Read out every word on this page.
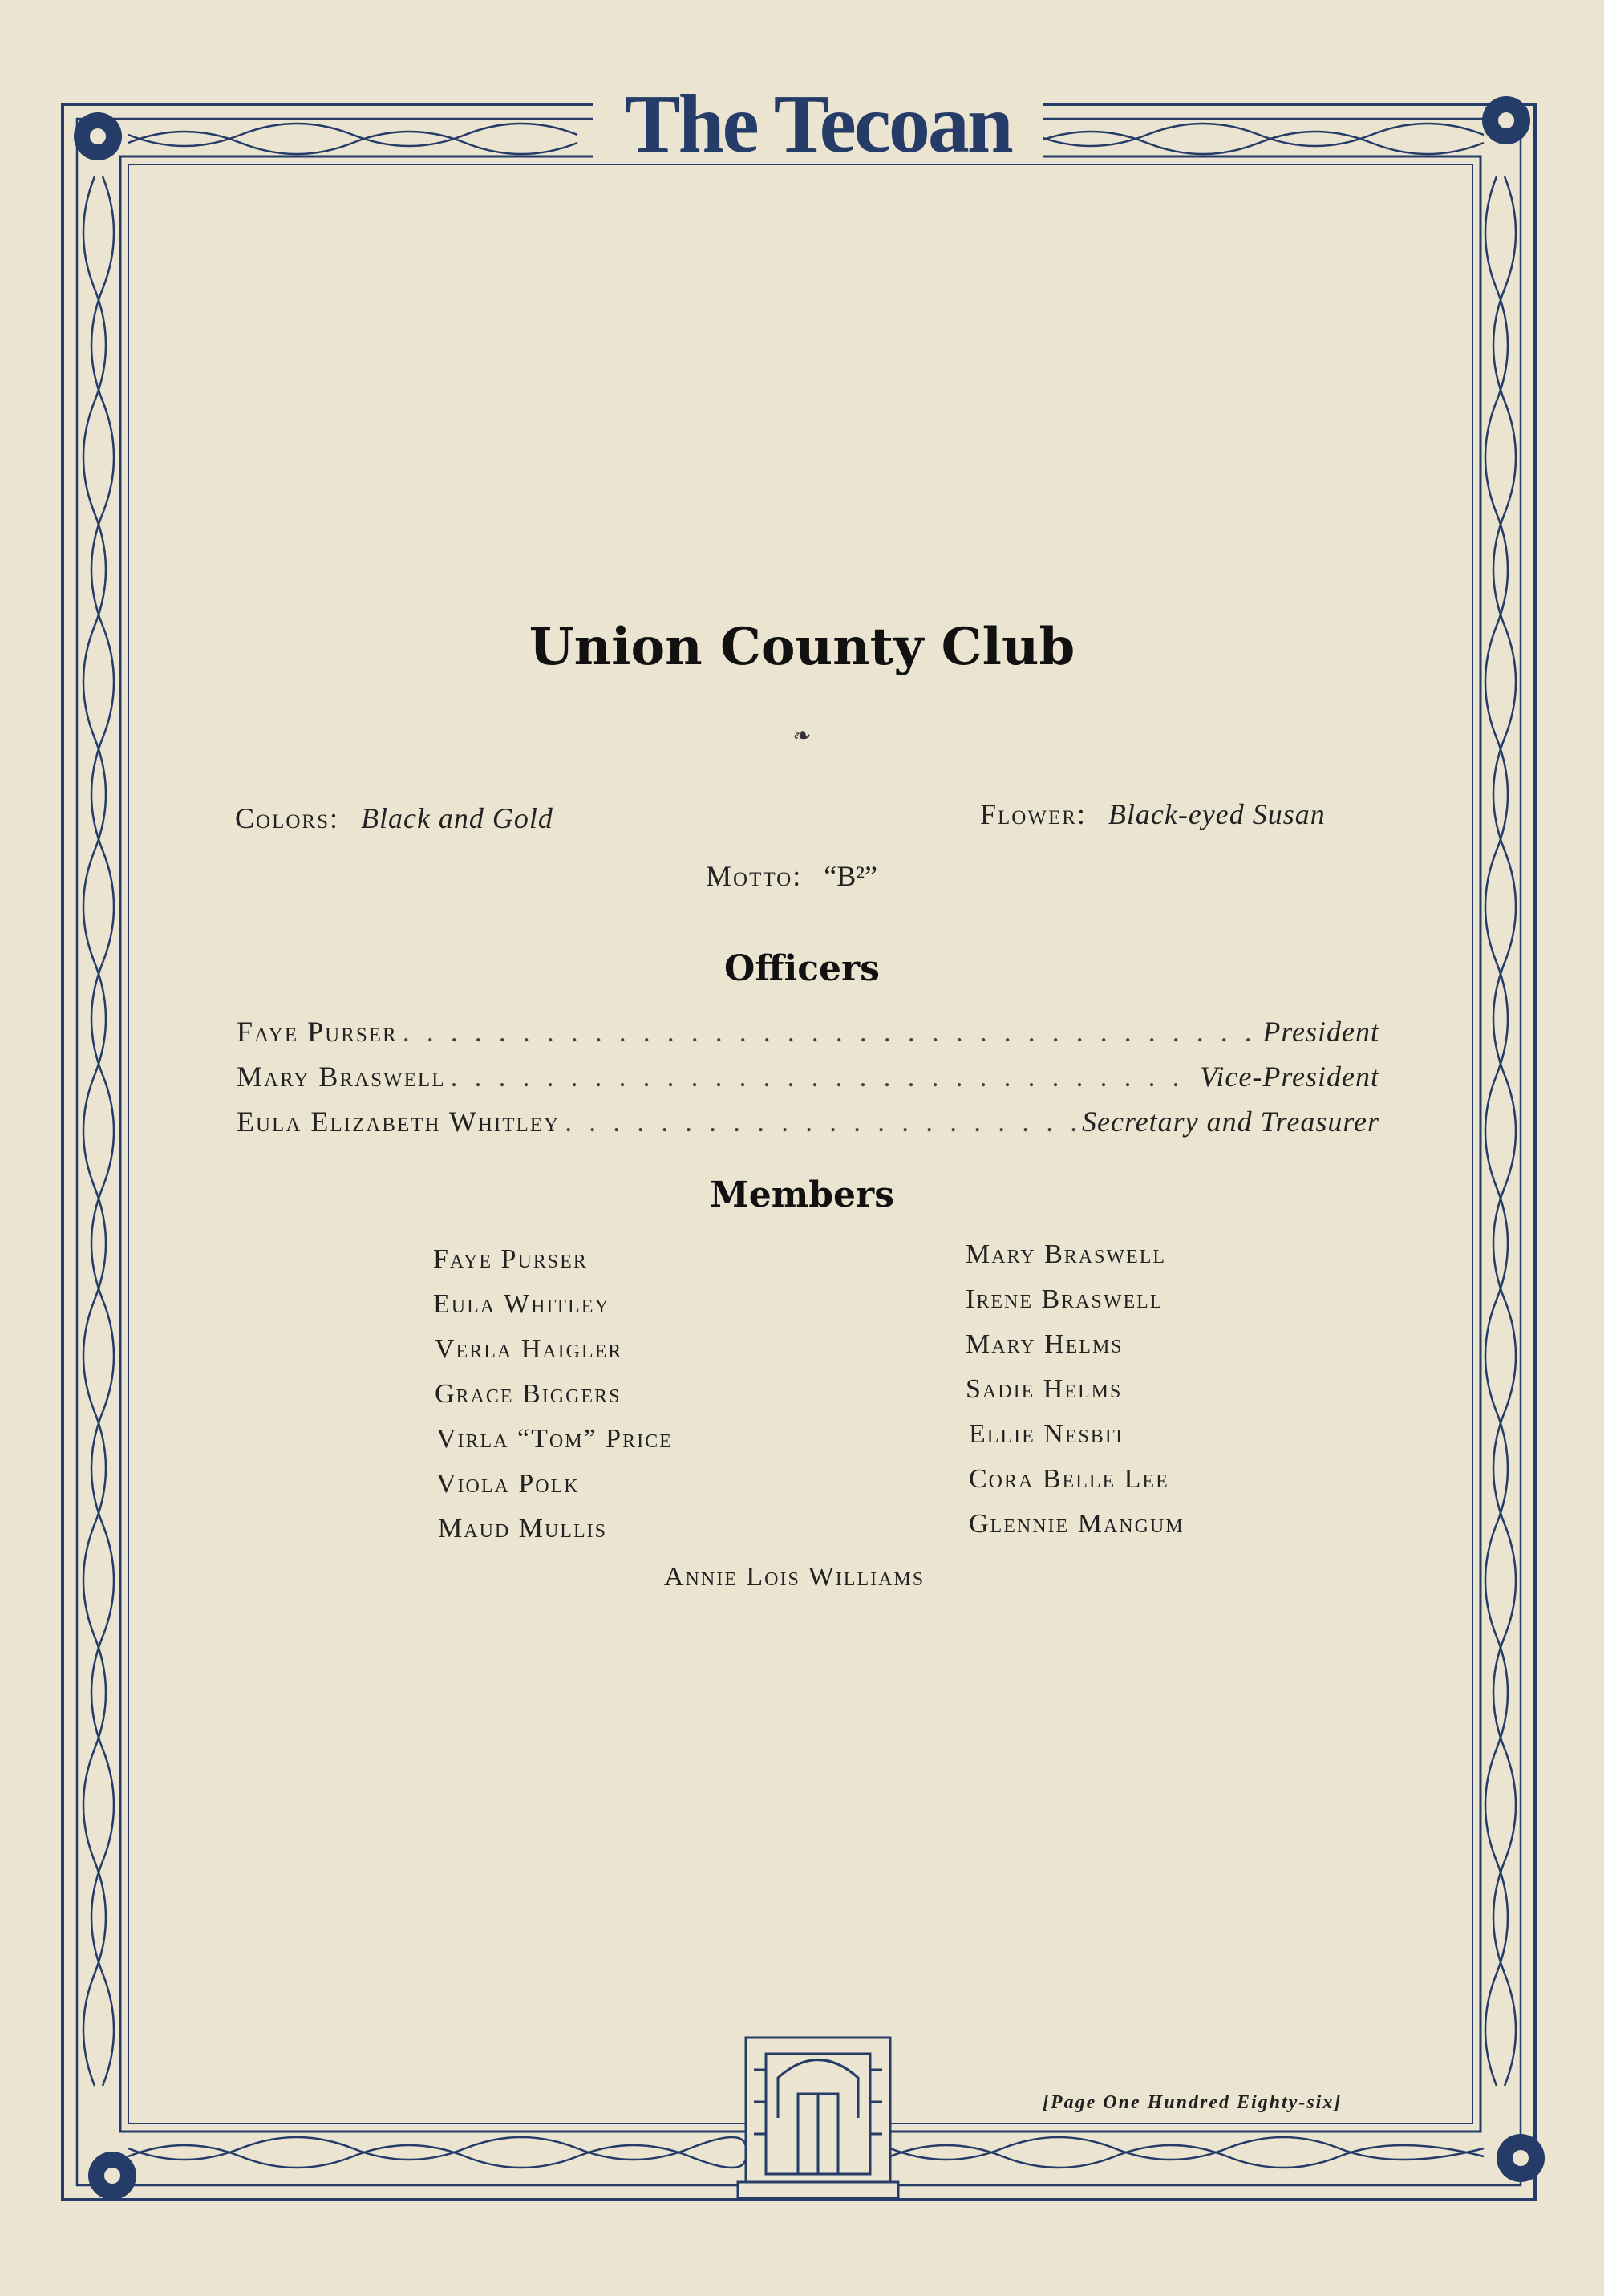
The Tecoan
Union County Club
❧
Colors: Black and Gold	Flower: Black-eyed Susan
Motto: “B²”
Officers
Faye Purser . . .	President
Mary Braswell . . .	Vice-President
Eula Elizabeth Whitley . . .	Secretary and Treasurer
Members
Faye Purser
Eula Whitley
Verla Haigler
Grace Biggers
Virla “Tom” Price
Viola Polk
Maud Mullis
Mary Braswell
Irene Braswell
Mary Helms
Sadie Helms
Ellie Nesbit
Cora Belle Lee
Glennie Mangum
Annie Lois Williams
[Page One Hundred Eighty-six]
